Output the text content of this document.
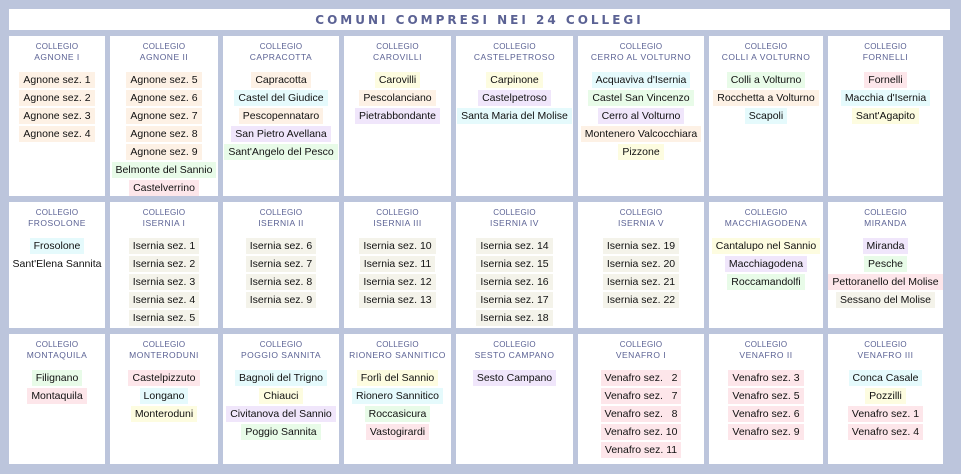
COMUNI COMPRESI NEI 24 COLLEGI
COLLEGIO
AGNONE I
Agnone sez. 1
Agnone sez. 2
Agnone sez. 3
Agnone sez. 4
COLLEGIO
AGNONE II
Agnone sez. 5
Agnone sez. 6
Agnone sez. 7
Agnone sez. 8
Agnone sez. 9
Belmonte del Sannio
Castelverrino
COLLEGIO
CAPRACOTTA
Capracotta
Castel del Giudice
Pescopennataro
San Pietro Avellana
Sant'Angelo del Pesco
COLLEGIO
CAROVILLI
Carovilli
Pescolanciano
Pietrabbondante
COLLEGIO
CASTELPETROSO
Carpinone
Castelpetroso
Santa Maria del Molise
COLLEGIO
CERRO AL VOLTURNO
Acquaviva d'Isernia
Castel San Vincenzo
Cerro al Volturno
Montenero Valcocchiara
Pizzone
COLLEGIO
COLLI A VOLTURNO
Colli a Volturno
Rocchetta a Volturno
Scapoli
COLLEGIO
FORNELLI
Fornelli
Macchia d'Isernia
Sant'Agapito
COLLEGIO
FROSOLONE
Frosolone
Sant'Elena Sannita
COLLEGIO
ISERNIA I
Isernia sez. 1
Isernia sez. 2
Isernia sez. 3
Isernia sez. 4
Isernia sez. 5
COLLEGIO
ISERNIA II
Isernia sez. 6
Isernia sez. 7
Isernia sez. 8
Isernia sez. 9
COLLEGIO
ISERNIA III
Isernia sez. 10
Isernia sez. 11
Isernia sez. 12
Isernia sez. 13
COLLEGIO
ISERNIA IV
Isernia sez. 14
Isernia sez. 15
Isernia sez. 16
Isernia sez. 17
Isernia sez. 18
COLLEGIO
ISERNIA V
Isernia sez. 19
Isernia sez. 20
Isernia sez. 21
Isernia sez. 22
COLLEGIO
MACCHIAGODENA
Cantalupo nel Sannio
Macchiagodena
Roccamandolfi
COLLEGIO
MIRANDA
Miranda
Pesche
Pettoranello del Molise
Sessano del Molise
COLLEGIO
MONTAQUILA
Filignano
Montaquila
COLLEGIO
MONTERODUNI
Castelpizzuto
Longano
Monteroduni
COLLEGIO
POGGIO SANNITA
Bagnoli del Trigno
Chiauci
Civitanova del Sannio
Poggio Sannita
COLLEGIO
RIONERO SANNITICO
Forlì del Sannio
Rionero Sannitico
Roccasicura
Vastogirardi
COLLEGIO
SESTO CAMPANO
Sesto Campano
COLLEGIO
VENAFRO I
Venafro sez.   2
Venafro sez.   7
Venafro sez.   8
Venafro sez. 10
Venafro sez. 11
COLLEGIO
VENAFRO II
Venafro sez. 3
Venafro sez. 5
Venafro sez. 6
Venafro sez. 9
COLLEGIO
VENAFRO III
Conca Casale
Pozzilli
Venafro sez. 1
Venafro sez. 4
